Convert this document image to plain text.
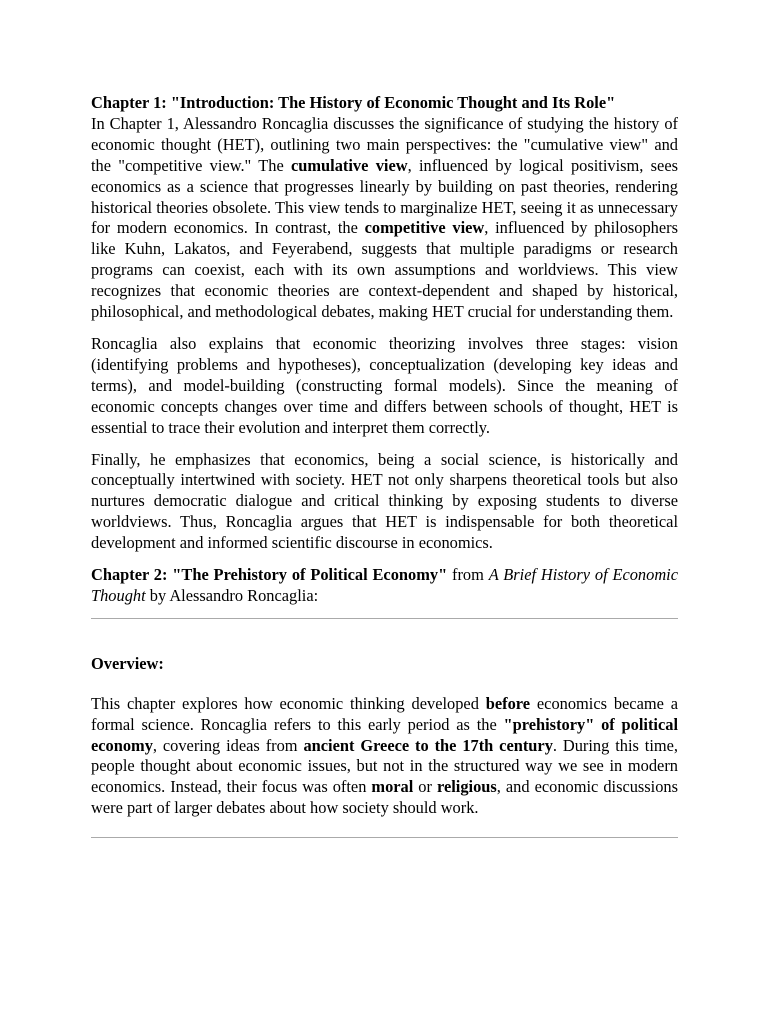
Chapter 1: "Introduction: The History of Economic Thought and Its Role"

In Chapter 1, Alessandro Roncaglia discusses the significance of studying the history of economic thought (HET), outlining two main perspectives: the "cumulative view" and the "competitive view." The cumulative view, influenced by logical positivism, sees economics as a science that progresses linearly by building on past theories, rendering historical theories obsolete. This view tends to marginalize HET, seeing it as unnecessary for modern economics. In contrast, the competitive view, influenced by philosophers like Kuhn, Lakatos, and Feyerabend, suggests that multiple paradigms or research programs can coexist, each with its own assumptions and worldviews. This view recognizes that economic theories are context-dependent and shaped by historical, philosophical, and methodological debates, making HET crucial for understanding them.

Roncaglia also explains that economic theorizing involves three stages: vision (identifying problems and hypotheses), conceptualization (developing key ideas and terms), and model-building (constructing formal models). Since the meaning of economic concepts changes over time and differs between schools of thought, HET is essential to trace their evolution and interpret them correctly.

Finally, he emphasizes that economics, being a social science, is historically and conceptually intertwined with society. HET not only sharpens theoretical tools but also nurtures democratic dialogue and critical thinking by exposing students to diverse worldviews. Thus, Roncaglia argues that HET is indispensable for both theoretical development and informed scientific discourse in economics.

Chapter 2: "The Prehistory of Political Economy" from A Brief History of Economic Thought by Alessandro Roncaglia:

Overview:

This chapter explores how economic thinking developed before economics became a formal science. Roncaglia refers to this early period as the "prehistory" of political economy, covering ideas from ancient Greece to the 17th century. During this time, people thought about economic issues, but not in the structured way we see in modern economics. Instead, their focus was often moral or religious, and economic discussions were part of larger debates about how society should work.
